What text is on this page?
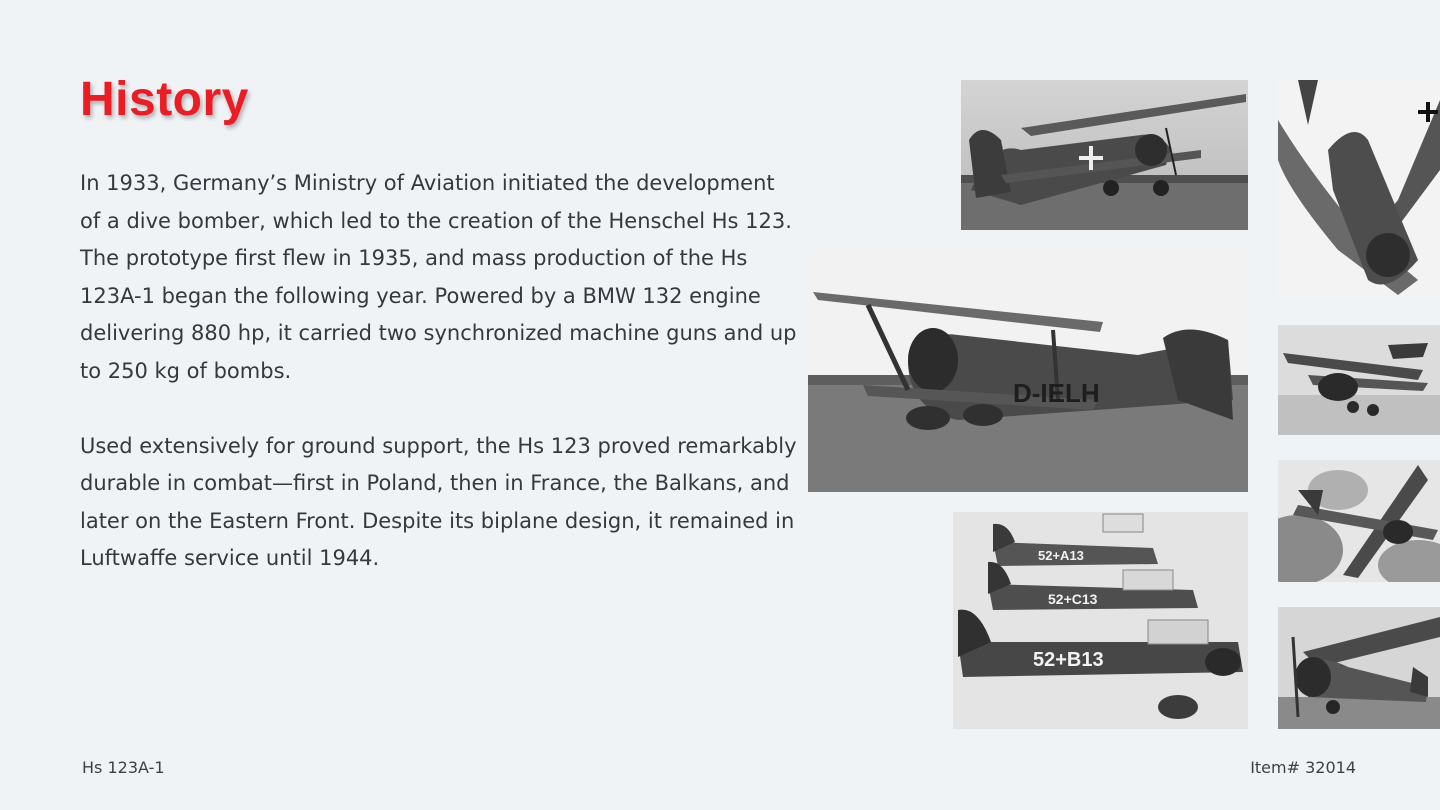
History

In 1933, Germany’s Ministry of Aviation initiated the development of a dive bomber, which led to the creation of the Henschel Hs 123. The prototype first flew in 1935, and mass production of the Hs 123A-1 began the following year. Powered by a BMW 132 engine delivering 880 hp, it carried two synchronized machine guns and up to 250 kg of bombs.

Used extensively for ground support, the Hs 123 proved remarkably durable in combat—first in Poland, then in France, the Balkans, and later on the Eastern Front. Despite its biplane design, it remained in Luftwaffe service until 1944.

D-IELH
52+A13
52+C13
52+B13
Hs 123A-1	Item# 32014
